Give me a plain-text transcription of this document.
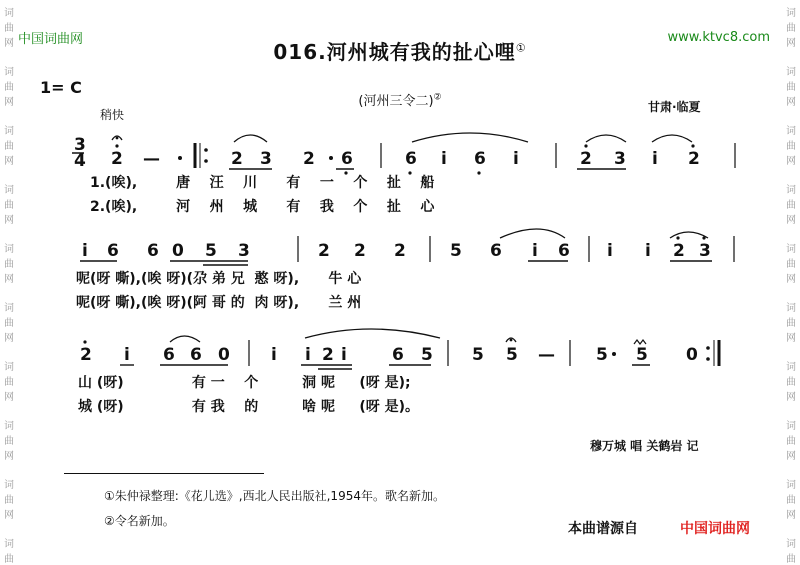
词
曲
网
词
曲
网
词
曲
网
词
曲
网
词
曲
网
词
曲
网
词
曲
网
词
曲
网
词
曲
网
词
曲
词
曲
网
词
曲
网
词
曲
网
词
曲
网
词
曲
网
词
曲
网
词
曲
网
词
曲
网
词
曲
网
词
曲
中国词曲网	www.ktvc8.com
016.河州城有我的扯心哩①
(河州三令二)②
1= C
稍快
甘肃·临夏
3
4 2 —	2 3 2 6	6 i 6 i	2 3 i 2
i 6 6 0 5 3	2 2 2	5 6 i 6 i i 2 3
2 i 6 6 0 i i 2 i	6 5 5 5 — 5 5 0
1.(唉),        唐    汪    川      有    一    个    扯    船
2.(唉),        河    州    城      有    我    个    扯    心
呢(呀 嘶),(唉 呀)(尕 弟 兄  憨 呀),      牛 心
呢(呀 嘶),(唉 呀)(阿 哥 的  肉 呀),      兰 州
山 (呀)              有 一    个         洞 呢     (呀 是);
城 (呀)              有 我    的         啥 呢     (呀 是)。
穆万城 唱 关鹤岩 记
①朱仲禄整理:《花儿选》,西北人民出版社,1954年。歌名新加。
②令名新加。	本曲谱源自	中国词曲网
